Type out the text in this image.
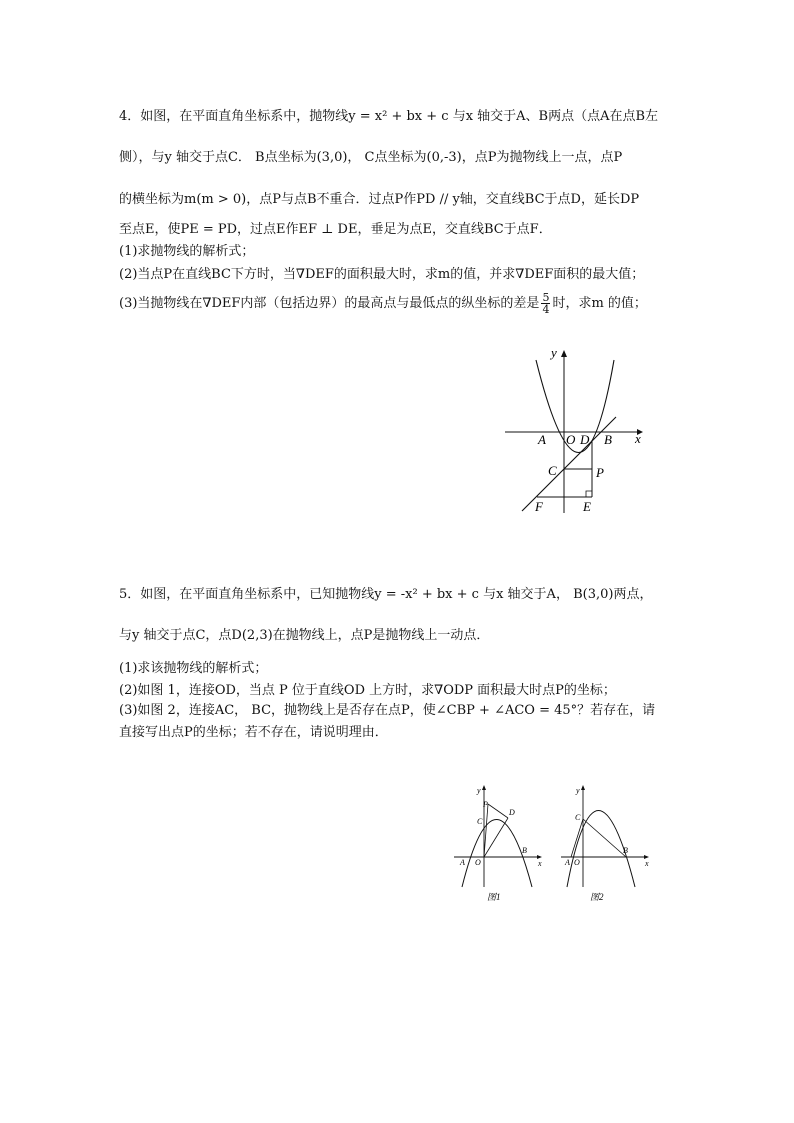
4．如图，在平面直角坐标系中，抛物线y = x² + bx + c 与x 轴交于A、B两点（点A在点B左
侧），与y 轴交于点C． B点坐标为(3,0)， C点坐标为(0,-3)，点P为抛物线上一点，点P
的横坐标为m(m > 0)，点P与点B不重合．过点P作PD // y轴，交直线BC于点D，延长DP
至点E，使PE = PD，过点E作EF ⊥ DE，垂足为点E，交直线BC于点F．
(1)求抛物线的解析式；
(2)当点P在直线BC下方时，当∇DEF的面积最大时，求m的值，并求∇DEF面积的最大值；
(3)当抛物线在∇DEF内部（包括边界）的最高点与最低点的纵坐标的差是 $\frac{5}{4}$ 时，求m 的值；
y
x
A O D B
C	P
F	E
5．如图，在平面直角坐标系中，已知抛物线y = -x² + bx + c 与x 轴交于A， B(3,0)两点，
与y 轴交于点C，点D(2,3)在抛物线上，点P是抛物线上一动点．
(1)求该抛物线的解析式；
(2)如图 1，连接OD，当点 P 位于直线OD 上方时，求∇ODP 面积最大时点P的坐标；
(3)如图 2，连接AC， BC，抛物线上是否存在点P，使∠CBP + ∠ACO = 45°？若存在，请
直接写出点P的坐标；若不存在，请说明理由．
y
x
A O
B
C
P
D
图1
y
x
A O
B
C
图2
